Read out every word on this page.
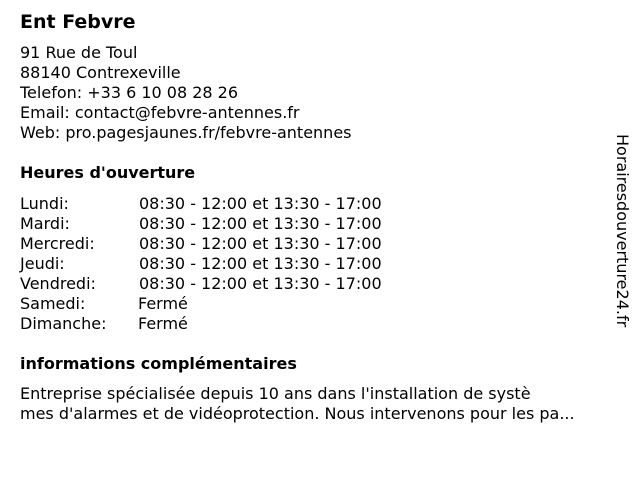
Ent Febvre
91 Rue de Toul
88140 Contrexeville
Telefon: +33 6 10 08 28 26
Email: contact@febvre-antennes.fr
Web: pro.pagesjaunes.fr/febvre-antennes
Heures d'ouverture
Lundi:	08:30 - 12:00 et 13:30 - 17:00
Mardi:	08:30 - 12:00 et 13:30 - 17:00
Mercredi:	08:30 - 12:00 et 13:30 - 17:00
Jeudi:	08:30 - 12:00 et 13:30 - 17:00
Vendredi:	08:30 - 12:00 et 13:30 - 17:00
Samedi:	Fermé
Dimanche: Fermé
informations complémentaires
Entreprise spécialisée depuis 10 ans dans l'installation de systè
mes d'alarmes et de vidéoprotection. Nous intervenons pour les pa...
Horairesdouverture24.fr
